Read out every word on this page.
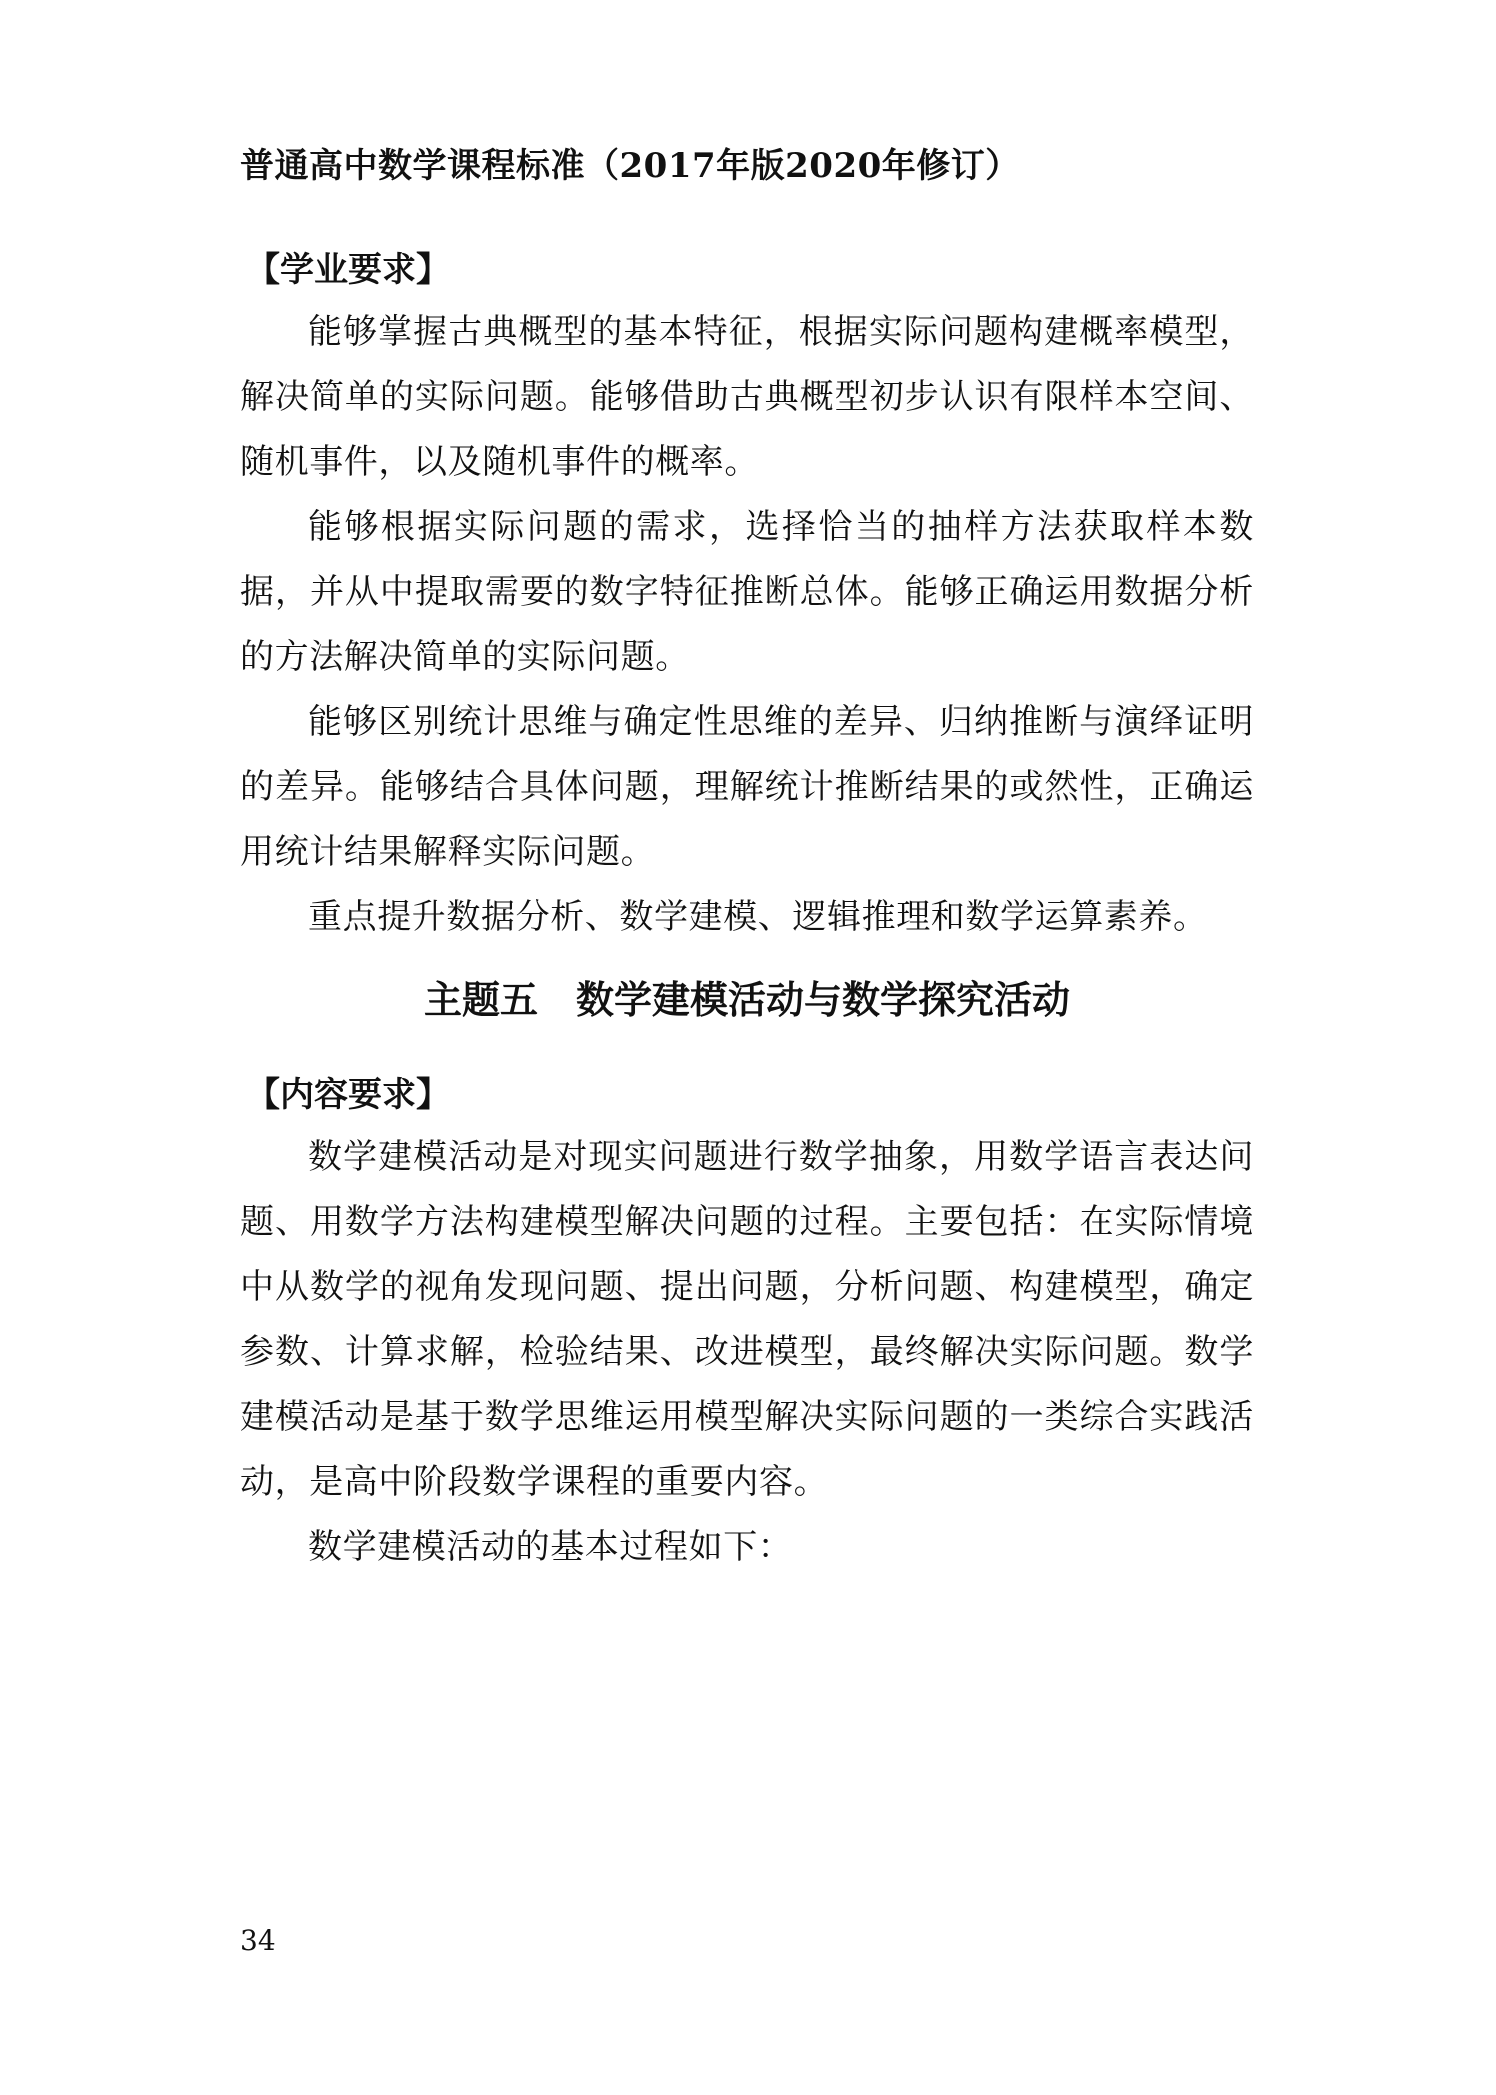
普通高中数学课程标准（2017年版2020年修订）
【学业要求】

能够掌握古典概型的基本特征，根据实际问题构建概率模型，解决简单的实际问题。能够借助古典概型初步认识有限样本空间、随机事件，以及随机事件的概率。

能够根据实际问题的需求，选择恰当的抽样方法获取样本数据，并从中提取需要的数字特征推断总体。能够正确运用数据分析的方法解决简单的实际问题。

能够区别统计思维与确定性思维的差异、归纳推断与演绎证明的差异。能够结合具体问题，理解统计推断结果的或然性，正确运用统计结果解释实际问题。

重点提升数据分析、数学建模、逻辑推理和数学运算素养。

主题五　数学建模活动与数学探究活动
【内容要求】

数学建模活动是对现实问题进行数学抽象，用数学语言表达问题、用数学方法构建模型解决问题的过程。主要包括：在实际情境中从数学的视角发现问题、提出问题，分析问题、构建模型，确定参数、计算求解，检验结果、改进模型，最终解决实际问题。数学建模活动是基于数学思维运用模型解决实际问题的一类综合实践活动，是高中阶段数学课程的重要内容。

数学建模活动的基本过程如下：

34
